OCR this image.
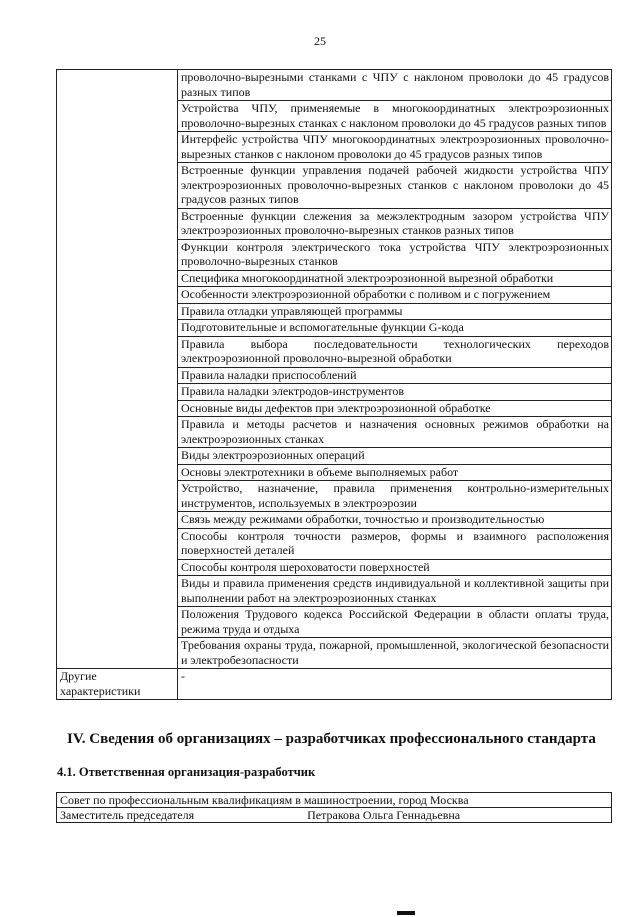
25
	проволочно-вырезными станками с ЧПУ с наклоном проволоки до 45 градусов разных типов
	Устройства ЧПУ, применяемые в многокоординатных электроэрозионных проволочно-вырезных станках с наклоном проволоки до 45 градусов разных типов
	Интерфейс устройства ЧПУ многокоординатных электроэрозионных проволочно-вырезных станков с наклоном проволоки до 45 градусов разных типов
	Встроенные функции управления подачей рабочей жидкости устройства ЧПУ электроэрозионных проволочно-вырезных станков с наклоном проволоки до 45 градусов разных типов
	Встроенные функции слежения за межэлектродным зазором устройства ЧПУ электроэрозионных проволочно-вырезных станков разных типов
	Функции контроля электрического тока устройства ЧПУ электроэрозионных проволочно-вырезных станков
	Специфика многокоординатной электроэрозионной вырезной обработки
	Особенности электроэрозионной обработки с поливом и с погружением
	Правила отладки управляющей программы
	Подготовительные и вспомогательные функции G-кода
	Правила выбора последовательности технологических переходов электроэрозионной проволочно-вырезной обработки
	Правила наладки приспособлений
	Правила наладки электродов-инструментов
	Основные виды дефектов при электроэрозионной обработке
	Правила и методы расчетов и назначения основных режимов обработки на электроэрозионных станках
	Виды электроэрозионных операций
	Основы электротехники в объеме выполняемых работ
	Устройство, назначение, правила применения контрольно-измерительных инструментов, используемых в электроэрозии
	Связь между режимами обработки, точностью и производительностью
	Способы контроля точности размеров, формы и взаимного расположения поверхностей деталей
	Способы контроля шероховатости поверхностей
	Виды и правила применения средств индивидуальной и коллективной защиты при выполнении работ на электроэрозионных станках
	Положения Трудового кодекса Российской Федерации в области оплаты труда, режима труда и отдыха
	Требования охраны труда, пожарной, промышленной, экологической безопасности и электробезопасности
Другие характеристики	-
IV. Сведения об организациях – разработчиках профессионального стандарта
4.1. Ответственная организация-разработчик
Совет по профессиональным квалификациям в машиностроении, город Москва
Заместитель председателя	Петракова Ольга Геннадьевна
